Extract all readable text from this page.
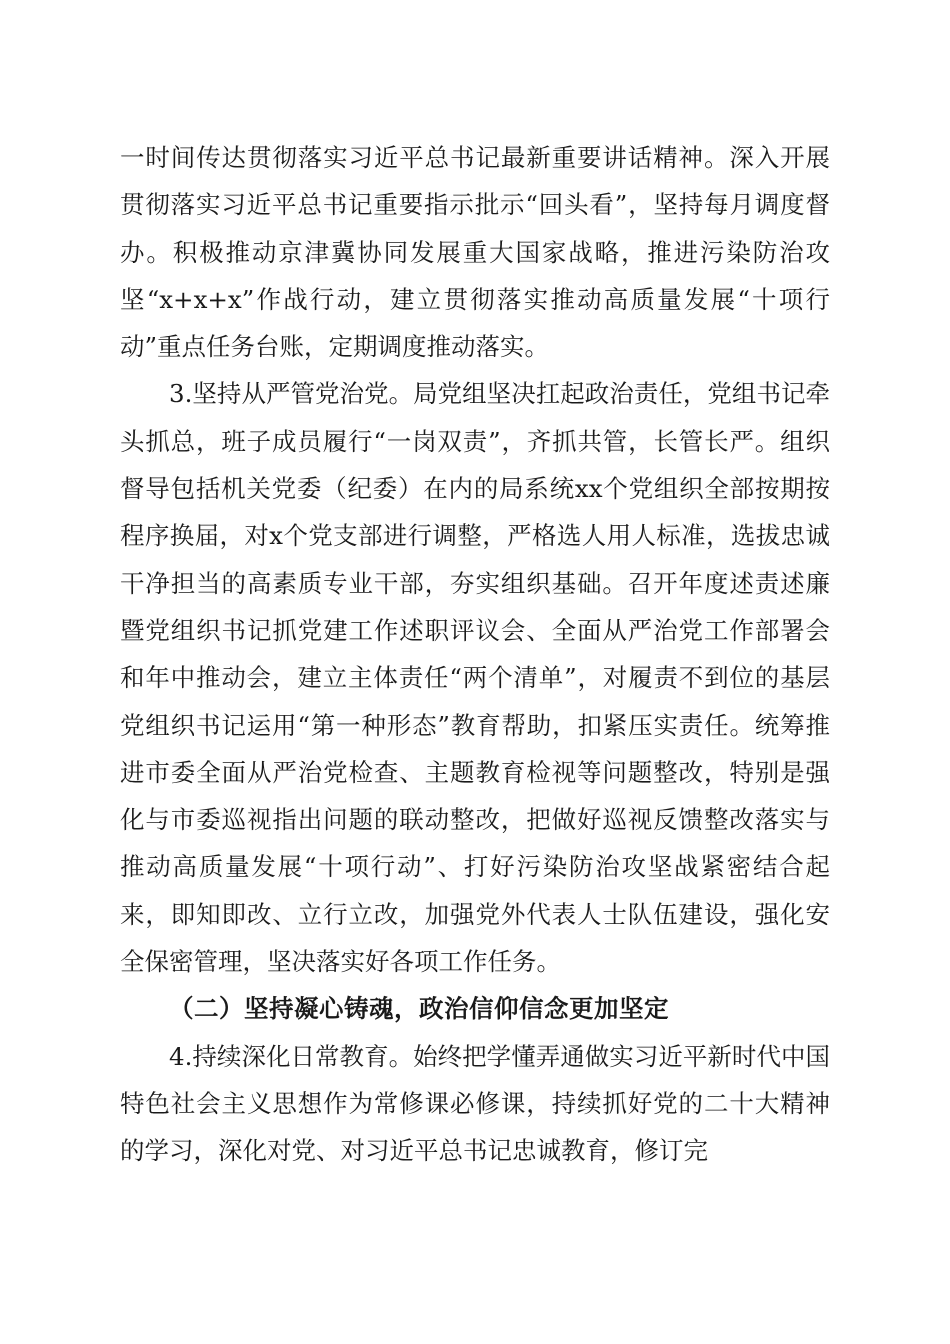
一时间传达贯彻落实习近平总书记最新重要讲话精神。深入开展贯彻落实习近平总书记重要指示批示“回头看”，坚持每月调度督办。积极推动京津冀协同发展重大国家战略，推进污染防治攻坚“x+x+x”作战行动，建立贯彻落实推动高质量发展“十项行动”重点任务台账，定期调度推动落实。

3.坚持从严管党治党。局党组坚决扛起政治责任，党组书记牵头抓总，班子成员履行“一岗双责”，齐抓共管，长管长严。组织督导包括机关党委（纪委）在内的局系统xx个党组织全部按期按程序换届，对x个党支部进行调整，严格选人用人标准，选拔忠诚干净担当的高素质专业干部，夯实组织基础。召开年度述责述廉暨党组织书记抓党建工作述职评议会、全面从严治党工作部署会和年中推动会，建立主体责任“两个清单”，对履责不到位的基层党组织书记运用“第一种形态”教育帮助，扣紧压实责任。统筹推进市委全面从严治党检查、主题教育检视等问题整改，特别是强化与市委巡视指出问题的联动整改，把做好巡视反馈整改落实与推动高质量发展“十项行动”、打好污染防治攻坚战紧密结合起来，即知即改、立行立改，加强党外代表人士队伍建设，强化安全保密管理，坚决落实好各项工作任务。

（二）坚持凝心铸魂，政治信仰信念更加坚定

4.持续深化日常教育。始终把学懂弄通做实习近平新时代中国特色社会主义思想作为常修课必修课，持续抓好党的二十大精神的学习，深化对党、对习近平总书记忠诚教育，修订完
